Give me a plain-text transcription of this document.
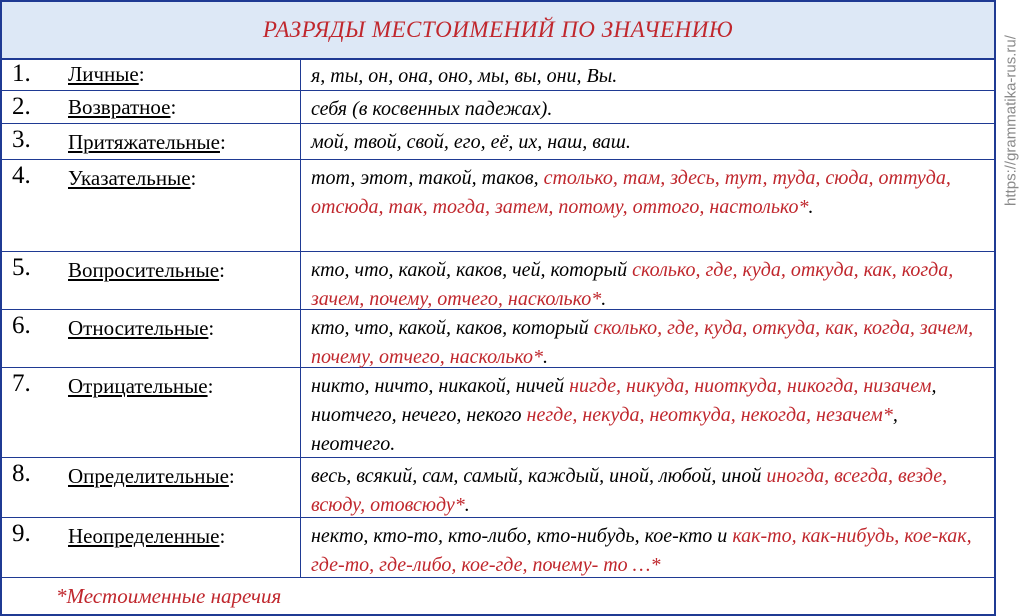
РАЗРЯДЫ МЕСТОИМЕНИЙ ПО ЗНАЧЕНИЮ
1. Личные:	я, ты, он, она, оно, мы, вы, они, Вы.
2. Возвратное:	себя (в косвенных падежах).
3. Притяжательные:	мой, твой, свой, его, её, их, наш, ваш.
4. Указательные:	тот, этот, такой, таков, столько, там, здесь, тут, туда, сюда, оттуда, отсюда, так, тогда, затем, потому, оттого, настолько*.
5. Вопросительные:	кто, что, какой, каков, чей, который сколько, где, куда, откуда, как, когда, зачем, почему, отчего, насколько*.
6. Относительные:	кто, что, какой, каков, который сколько, где, куда, откуда, как, когда, зачем, почему, отчего, насколько*.
7. Отрицательные:	никто, ничто, никакой, ничей нигде, никуда, ниоткуда, никогда, низачем, ниотчего, нечего, некого негде, некуда, неоткуда, некогда, незачем*, неотчего.
8. Определительные:	весь, всякий, сам, самый, каждый, иной, любой, иной иногда, всегда, везде, всюду, отовсюду*.
9. Неопределенные:	некто, кто-то, кто-либо, кто-нибудь, кое-кто и как-то, как-нибудь, кое-как, где-то, где-либо, кое-где, почему- то …*
*Местоименные наречия
https://grammatika-rus.ru/
